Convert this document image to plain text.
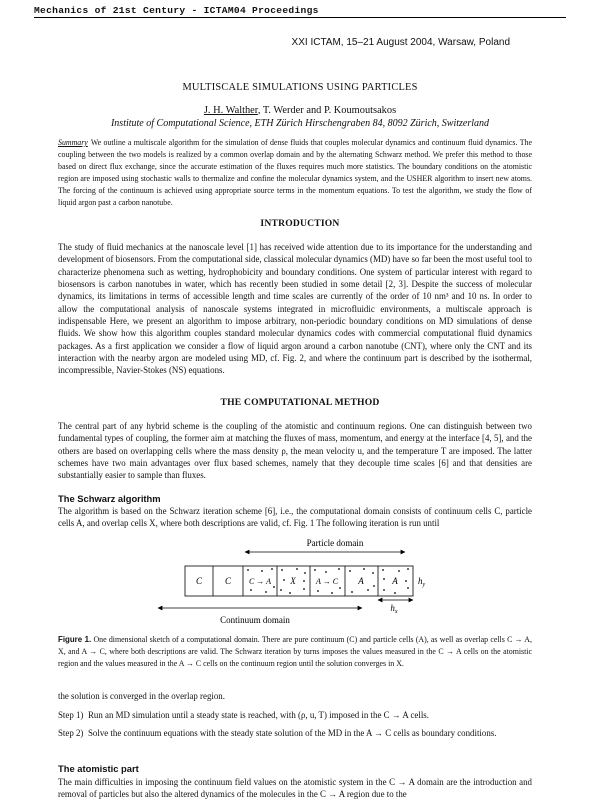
Mechanics of 21st Century - ICTAM04 Proceedings
XXI ICTAM, 15–21 August 2004, Warsaw, Poland
MULTISCALE SIMULATIONS USING PARTICLES
J. H. Walther, T. Werder and P. Koumoutsakos
Institute of Computational Science, ETH Zürich Hirschengraben 84, 8092 Zürich, Switzerland
Summary We outline a multiscale algorithm for the simulation of dense fluids that couples molecular dynamics and continuum fluid dynamics. The coupling between the two models is realized by a common overlap domain and by the alternating Schwarz method. We prefer this method to those based on direct flux exchange, since the accurate estimation of the fluxes requires much more statistics. The boundary conditions on the atomistic region are imposed using stochastic walls to thermalize and confine the molecular dynamics system, and the USHER algorithm to insert new atoms. The forcing of the continuum is achieved using appropriate source terms in the momentum equations. To test the algorithm, we study the flow of liquid argon past a carbon nanotube.
INTRODUCTION
The study of fluid mechanics at the nanoscale level [1] has received wide attention due to its importance for the understanding and development of biosensors. From the computational side, classical molecular dynamics (MD) have so far been the most useful tool to characterize phenomena such as wetting, hydrophobicity and boundary conditions. One system of particular interest with regard to biosensors is carbon nanotubes in water, which has recently been studied in some detail [2, 3]. Despite the success of molecular dynamics, its limitations in terms of accessible length and time scales are currently of the order of 10 nm³ and 10 ns. In order to allow the computational analysis of nanoscale systems integrated in microfluidic environments, a multiscale approach is indispensable Here, we present an algorithm to impose arbitrary, non-periodic boundary conditions on MD simulations of dense fluids. We show how this algorithm couples standard molecular dynamics codes with commercial computational fluid dynamics packages. As a first application we consider a flow of liquid argon around a carbon nanotube (CNT), where only the CNT and its interaction with the nearby argon are modeled using MD, cf. Fig. 2, and where the continuum part is described by the isothermal, incompressible, Navier-Stokes (NS) equations.
THE COMPUTATIONAL METHOD
The central part of any hybrid scheme is the coupling of the atomistic and continuum regions. One can distinguish between two fundamental types of coupling, the former aim at matching the fluxes of mass, momentum, and energy at the interface [4, 5], and the others are based on overlapping cells where the mass density ρ, the mean velocity u, and the temperature T are imposed. The latter schemes have two main advantages over flux based schemes, namely that they decouple time scales [6] and that densities are substantially easier to sample than fluxes.
The Schwarz algorithm
The algorithm is based on the Schwarz iteration scheme [6], i.e., the computational domain consists of continuum cells C, particle cells A, and overlap cells X, where both descriptions are valid, cf. Fig. 1 The following iteration is run until
Particle domain
C	C C → A X	A → C A	A $h_y$
$h_x$
Continuum domain
Figure 1. One dimensional sketch of a computational domain. There are pure continuum (C) and particle cells (A), as well as overlap cells C → A, X, and A → C, where both descriptions are valid. The Schwarz iteration by turns imposes the values measured in the C → A cells on the atomistic region and the values measured in the A → C cells on the continuum region until the solution converges in X.
the solution is converged in the overlap region.
Step 1) Run an MD simulation until a steady state is reached, with (ρ, u, T) imposed in the C → A cells.
Step 2) Solve the continuum equations with the steady state solution of the MD in the A → C cells as boundary conditions.
The atomistic part
The main difficulties in imposing the continuum field values on the atomistic system in the C → A domain are the introduction and removal of particles but also the altered dynamics of the molecules in the C → A region due to the
